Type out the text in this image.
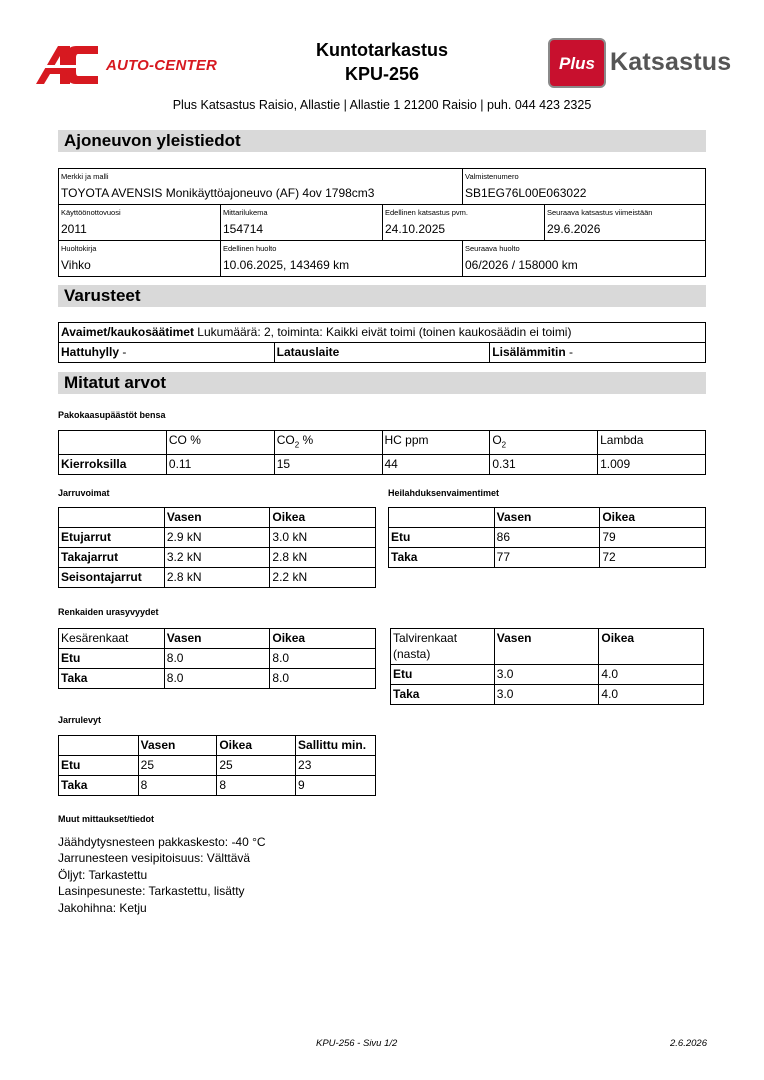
AUTO-CENTER
Kuntotarkastus
KPU-256
Plus Katsastus
Plus Katsastus Raisio, Allastie | Allastie 1 21200 Raisio | puh. 044 423 2325
Ajoneuvon yleistiedot
Merkki ja malli
TOYOTA AVENSIS Monikäyttöajoneuvo (AF) 4ov 1798cm3
Valmistenumero
SB1EG76L00E063022
Käyttöönottovuosi
2011
Mittarilukema
154714
Edellinen katsastus pvm.
24.10.2025
Seuraava katsastus viimeistään
29.6.2026
Huoltokirja
Vihko
Edellinen huolto
10.06.2025, 143469 km
Seuraava huolto
06/2026 / 158000 km
Varusteet
Avaimet/kaukosäätimet Lukumäärä: 2, toiminta: Kaikki eivät toimi (toinen kaukosäädin ei toimi)
Hattuhylly -	Latauslaite	Lisälämmitin -
Mitatut arvot
Pakokaasupäästöt bensa
	CO %	$CO_2$ %	HC ppm	$O_2$	Lambda
Kierroksilla	0.11	15	44	0.31	1.009
Jarruvoimat
	Vasen	Oikea
Etujarrut	2.9 kN	3.0 kN
Takajarrut	3.2 kN	2.8 kN
Seisontajarrut	2.8 kN	2.2 kN
Heilahduksenvaimentimet
	Vasen	Oikea
Etu	86	79
Taka	77	72
Renkaiden urasyvyydet
Kesärenkaat	Vasen	Oikea
Etu	8.0	8.0
Taka	8.0	8.0
Talvirenkaat
(nasta)	Vasen	Oikea
Etu	3.0	4.0
Taka	3.0	4.0
Jarrulevyt
	Vasen	Oikea	Sallittu min.
Etu	25	25	23
Taka	8	8	9
Muut mittaukset/tiedot
Jäähdytysnesteen pakkaskesto: -40 °C
Jarrunesteen vesipitoisuus: Välttävä
Öljyt: Tarkastettu
Lasinpesuneste: Tarkastettu, lisätty
Jakohihna: Ketju
KPU-256 - Sivu 1/2	2.6.2026
